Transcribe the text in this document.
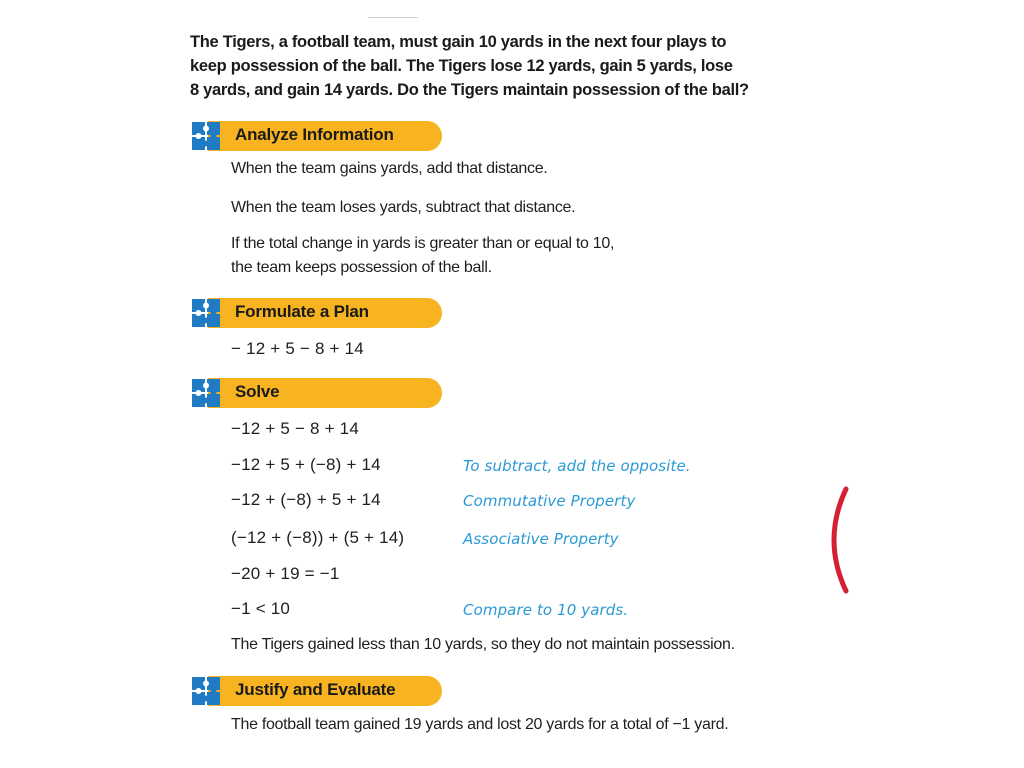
The Tigers, a football team, must gain 10 yards in the next four plays to

keep possession of the ball. The Tigers lose 12 yards, gain 5 yards, lose

8 yards, and gain 14 yards. Do the Tigers maintain possession of the ball?

Analyze Information
When the team gains yards, add that distance.
When the team loses yards, subtract that distance.
If the total change in yards is greater than or equal to 10,
the team keeps possession of the ball.
Formulate a Plan
− 12 + 5 − 8 + 14
Solve
−12 + 5 − 8 + 14
−12 + 5 + (−8) + 14	To subtract, add the opposite.
−12 + (−8) + 5 + 14	Commutative Property
(−12 + (−8)) + (5 + 14)	Associative Property
−20 + 19 = −1
−1 < 10	Compare to 10 yards.
The Tigers gained less than 10 yards, so they do not maintain possession.
Justify and Evaluate
The football team gained 19 yards and lost 20 yards for a total of −1 yard.
